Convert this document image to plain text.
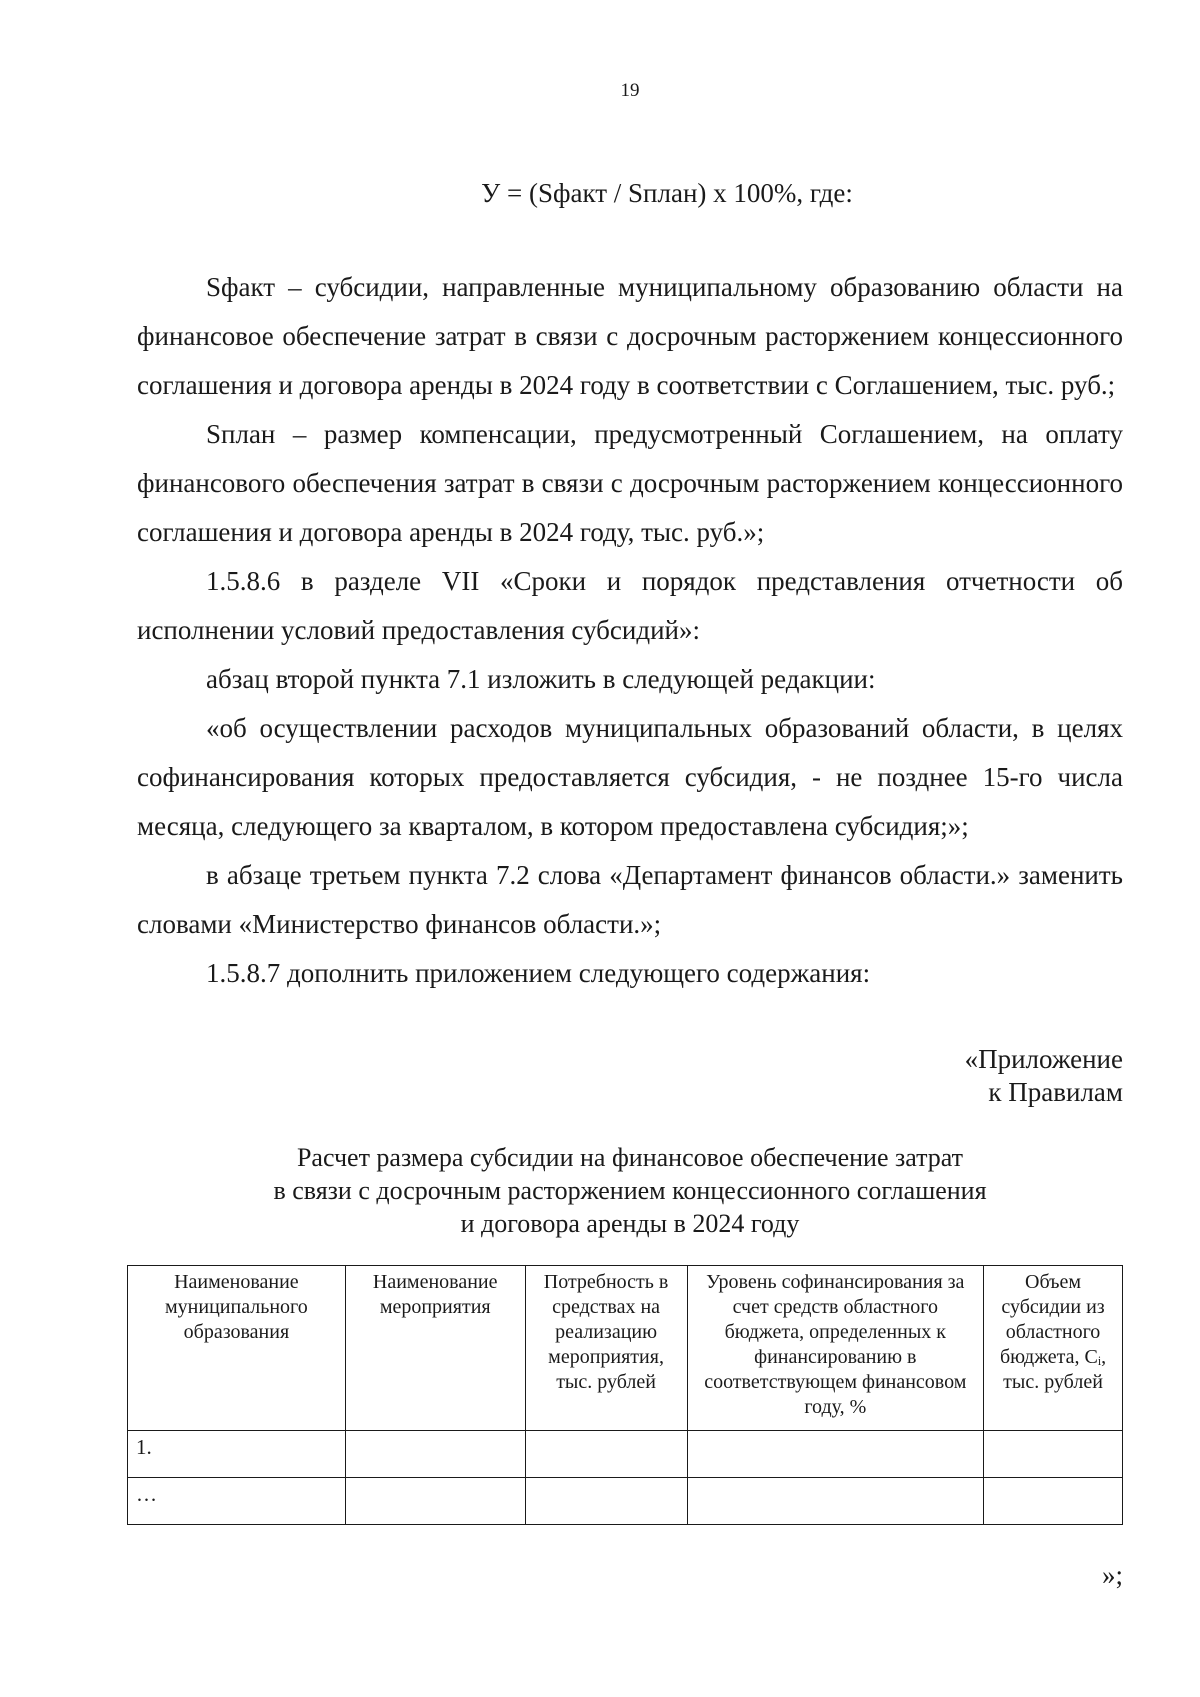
19
У = (Sфакт / Sплан) x 100%, где:

Sфакт – субсидии, направленные муниципальному образованию области на финансовое обеспечение затрат в связи с досрочным расторжением концессионного соглашения и договора аренды в 2024 году в соответствии с Соглашением, тыс. руб.;

Sплан – размер компенсации, предусмотренный Соглашением, на оплату финансового обеспечения затрат в связи с досрочным расторжением концессионного соглашения и договора аренды в 2024 году, тыс. руб.»;

1.5.8.6 в разделе VII «Сроки и порядок представления отчетности об исполнении условий предоставления субсидий»:

абзац второй пункта 7.1 изложить в следующей редакции:

«об осуществлении расходов муниципальных образований области, в целях софинансирования которых предоставляется субсидия, - не позднее 15-го числа месяца, следующего за кварталом, в котором предоставлена субсидия;»;

в абзаце третьем пункта 7.2 слова «Департамент финансов области.» заменить словами «Министерство финансов области.»;

1.5.8.7 дополнить приложением следующего содержания:

«Приложение
к Правилам
Расчет размера субсидии на финансовое обеспечение затрат
в связи с досрочным расторжением концессионного соглашения
и договора аренды в 2024 году
Наименование муниципального образования	Наименование мероприятия	Потребность в средствах на реализацию мероприятия, тыс. рублей	Уровень софинансирования за счет средств областного бюджета, определенных к финансированию в соответствующем финансовом году, %	Объем субсидии из областного бюджета, Cᵢ, тыс. рублей
1.				
…				
»;
